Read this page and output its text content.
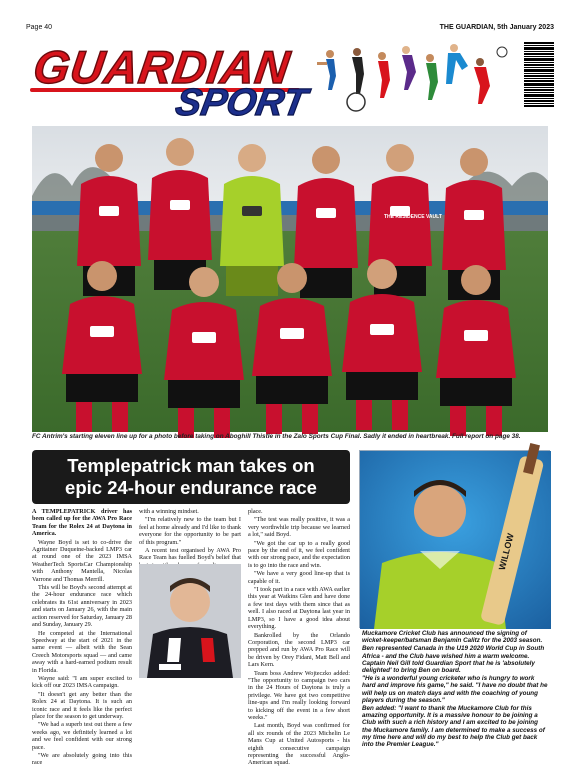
Page 40	THE GUARDIAN, 5th January 2023
GUARDIAN
SPORT
THE RESIDENCE VAULT
FC Antrim's starting eleven line up for a photo before taking on Aboghill Thistle in the Zalo Sports Cup Final. Sadly it ended in heartbreak. Full report on page 38.
Templepatrick man takes on
epic 24-hour endurance race

A TEMPLEPATRICK driver has been called up for the AWA Pro Race Team for the Rolex 24 at Daytona in America.

Wayne Boyd is set to co-drive the Agritainer Duqueine-backed LMP3 car at round one of the 2023 IMSA WeatherTech SportsCar Championship with Anthony Mantella, Nicolas Varrone and Thomas Merrill.

This will be Boyd's second attempt at the 24-hour endurance race which celebrates its 61st anniversary in 2023 and starts on January 26, with the main action reserved for Saturday, January 28 and Sunday, January 29.

He competed at the International Speedway at the start of 2021 in the same event — albeit with the Sean Creech Motorsports squad — and came away with a hard-earned podium result in Florida.

Wayne said: "I am super excited to kick off our 2023 IMSA campaign.

"It doesn't get any better than the Rolex 24 at Daytona. It is such an iconic race and it feels like the perfect place for the season to get underway.

"We had a superb test out there a few weeks ago, we definitely learned a lot and we feel confident with our strong pace.

"We are absolutely going into this race

with a winning mindset.

"I'm relatively new to the team but I feel at home already and I'd like to thank everyone for the opportunity to be part of this program."

A recent test organised by AWA Pro Race Team has fuelled Boyd's belief that

place.

"The test was really positive, it was a very worthwhile trip because we learned a lot," said Boyd.

"We got the car up to a really good pace by the end of it, we feel confident with our strong pace, and the expectation is to go into the race and win.

"We have a very good line-up that is capable of it.

"I took part in a race with AWA earlier this year at Watkins Glen and have done a few test days with them since that as well. I also raced at Daytona last year in LMP3, so I have a good idea about everything.

Bankrolled by the Orlando Corporation, the second LMP3 car prepped and run by AWA Pro Race will be driven by Orey Fidani, Matt Bell and Lars Kern.

Team boss Andrew Wojteczko added: "The opportunity to campaign two cars in the 24 Hours of Daytona is truly a privilege. We have got two competitive line-ups and I'm really looking forward to kicking off the event in a few short weeks."

Last month, Boyd was confirmed for all six rounds of the 2023 Michelin Le Mans Cup at United Autosports - his eighth consecutive campaign representing the successful Anglo-American squad.

WILLOW

Muckamore Cricket Club has announced the signing of wicket-keeper/batsman Benjamin Calitz for the 2003 season.

Ben represented Canada in the U19 2020 World Cup in South Africa - and the Club have wished him a warm welcome. Captain Neil Gill told Guardian Sport that he is 'absolutely delighted' to bring Ben on board.

"He is a wonderful young cricketer who is hungry to work hard and improve his game," he said. "I have no doubt that he will help us on match days and with the coaching of young players during the season."

Ben added: "I want to thank the Muckamore Club for this amazing opportunity. It is a massive honour to be joining a Club with such a rich history and I am excited to be joining the Muckamore family. I am determined to make a success of my time here and will do my best to help the Club get back into the Premier League."
